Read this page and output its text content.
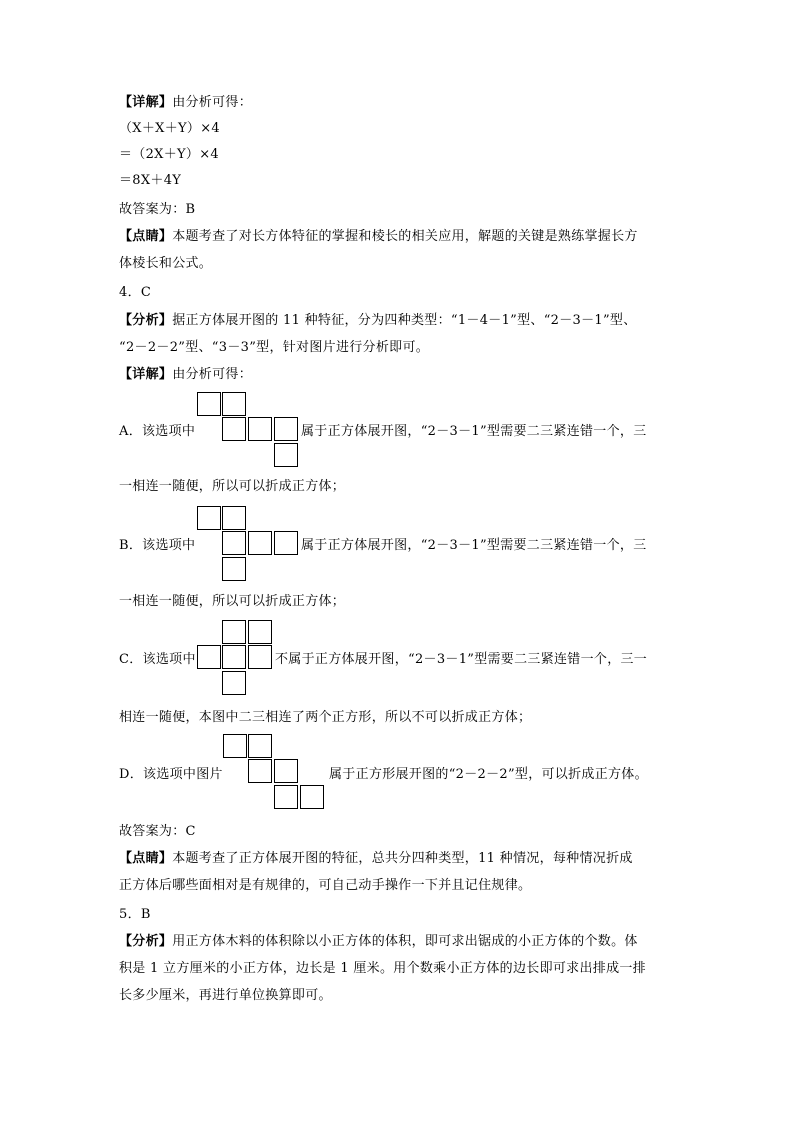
【详解】由分析可得：
（X＋X＋Y）×4
＝（2X＋Y）×4
＝8X＋4Y
故答案为：B
【点睛】本题考查了对长方体特征的掌握和棱长的相关应用，解题的关键是熟练掌握长方
体棱长和公式。
4．C
【分析】据正方体展开图的 11 种特征，分为四种类型：“1－4－1”型、“2－3－1”型、
“2－2－2”型、“3－3”型，针对图片进行分析即可。
【详解】由分析可得：
A．该选项中	属于正方体展开图，“2－3－1”型需要二三紧连错一个，三
一相连一随便，所以可以折成正方体；
B．该选项中	属于正方体展开图，“2－3－1”型需要二三紧连错一个，三
一相连一随便，所以可以折成正方体；
C．该选项中	不属于正方体展开图，“2－3－1”型需要二三紧连错一个，三一
相连一随便，本图中二三相连了两个正方形，所以不可以折成正方体；
D．该选项中图片	属于正方形展开图的“2－2－2”型，可以折成正方体。
故答案为：C
【点睛】本题考查了正方体展开图的特征，总共分四种类型，11 种情况，每种情况折成
正方体后哪些面相对是有规律的，可自己动手操作一下并且记住规律。
5．B
【分析】用正方体木料的体积除以小正方体的体积，即可求出锯成的小正方体的个数。体
积是 1 立方厘米的小正方体，边长是 1 厘米。用个数乘小正方体的边长即可求出排成一排
长多少厘米，再进行单位换算即可。
